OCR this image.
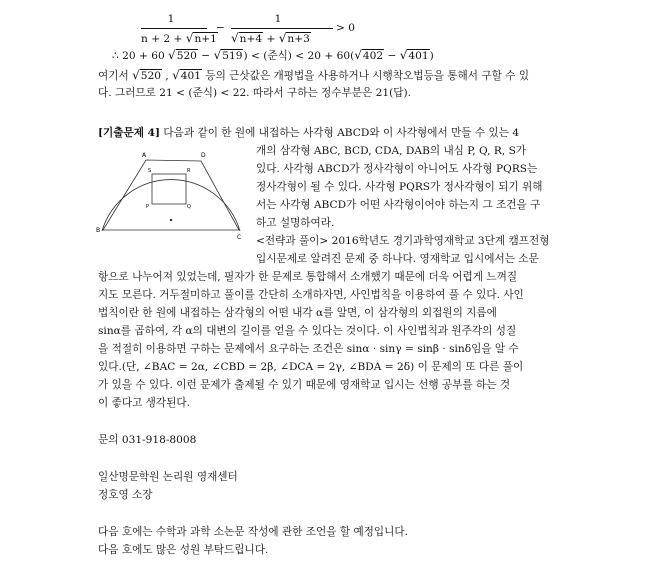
1
n + 2 + √n+1
−
1
√n+4 + √n+3
> 0
∴ 20 + 60 √520 − √519) < (준식) < 20 + 60(√402 − √401)
여기서 √520 , √401 등의 근삿값은 개평법을 사용하거나 시행착오법등을 통해서 구할 수 있
다. 그러므로 21 < (준식) < 22. 따라서 구하는 정수부분은 21(답).
[기출문제 4] 다음과 같이 한 원에 내접하는 사각형 ABCD와 이 사각형에서 만들 수 있는 4
개의 삼각형 ABC, BCD, CDA, DAB의 내심 P, Q, R, S가
있다. 사각형 ABCD가 정사각형이 아니어도 사각형 PQRS는
정사각형이 될 수 있다. 사각형 PQRS가 정사각형이 되기 위해
서는 사각형 ABCD가 어떤 사각형이어야 하는지 그 조건을 구
하고 설명하여라.
<전략과 풀이> 2016학년도 경기과학영재학교 3단계 캠프전형
입시문제로 알려진 문제 중 하나다. 영재학교 입시에서는 소문
항으로 나누어져 있었는데, 필자가 한 문제로 통합해서 소개했기 때문에 더욱 어렵게 느껴질
지도 모른다. 거두절미하고 풀이를 간단히 소개하자면, 사인법칙을 이용하여 풀 수 있다. 사인
법칙이란 한 원에 내접하는 삼각형의 어떤 내각 α를 알면, 이 삼각형의 외접원의 지름에
sinα를 곱하여, 각 α의 대변의 길이를 얻을 수 있다는 것이다. 이 사인법칙과 원주각의 성질
을 적절히 이용하면 구하는 문제에서 요구하는 조건은 sinα · sinγ = sinβ · sinδ임을 알 수
있다.(단, ∠BAC = 2α, ∠CBD = 2β, ∠DCA = 2γ, ∠BDA = 2δ) 이 문제의 또 다른 풀이
가 있을 수 있다. 이런 문제가 출제될 수 있기 때문에 영재학교 입시는 선행 공부를 하는 것
이 좋다고 생각된다.
A	D
B
C
S	R
P	Q
문의 031-918-8008
일산명문학원 논리원 영재센터
정호영 소장
다음 호에는 수학과 과학 소논문 작성에 관한 조언을 할 예정입니다.
다음 호에도 많은 성원 부탁드립니다.
